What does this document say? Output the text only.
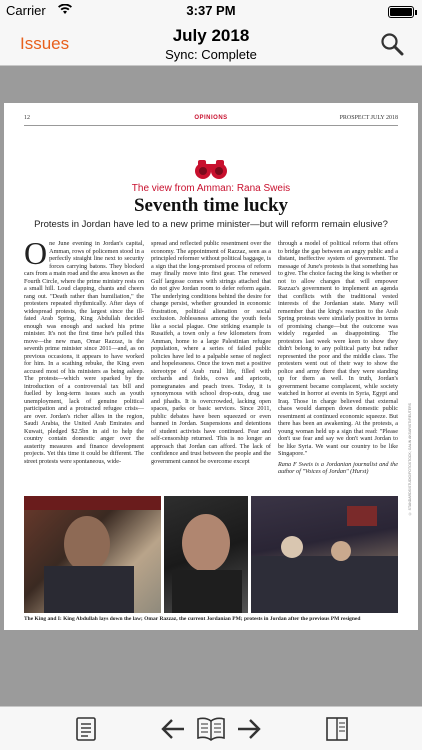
Carrier	3:37 PM
Issues	July 2018
Sync: Complete
12	OPINIONS	PROSPECT JULY 2018
The view from Amman: Rana Sweis
Seventh time lucky
Protests in Jordan have led to a new prime minister—but will reform remain elusive?
One June evening in Jordan's capital, Amman, rows of policemen stood in a perfectly straight line next to security forces carrying batons. They blocked cars from a main road and the area known as the Fourth Circle, where the prime ministry rests on a small hill. Loud clapping, chants and cheers rang out. "Death rather than humiliation," the protesters repeated rhythmically. After days of widespread protests, the largest since the ill-fated Arab Spring, King Abdullah decided enough was enough and sacked his prime minister. It's not the first time he's pulled this move—the new man, Omar Razzaz, is the seventh prime minister since 2011—and, as on previous occasions, it appears to have worked for him. In a scathing rebuke, the King even accused most of his ministers as being asleep. The protests—which were sparked by the introduction of a controversial tax bill and fuelled by long-term issues such as youth unemployment, lack of genuine political participation and a protracted refugee crisis—are over. Jordan's richer allies in the region, Saudi Arabia, the United Arab Emirates and Kuwait, pledged $2.5bn in aid to help the country contain domestic anger over the austerity measures and finance development projects. Yet this time it could be different. The street protests were spontaneous, wide-
spread and reflected public resentment over the economy. The appointment of Razzaz, seen as a principled reformer without political baggage, is a sign that the long-promised process of reform may finally move into first gear. The renewed Gulf largesse comes with strings attached that do not give Jordan room to defer reform again. The underlying conditions behind the desire for change persist, whether grounded in economic frustration, political alienation or social exclusion. Joblessness among the youth feels like a social plague. One striking example is Rusaifeh, a town only a few kilometers from Amman, home to a large Palestinian refugee population, where a series of failed public policies have led to a palpable sense of neglect and hopelessness. Once the town met a positive stereotype of Arab rural life, filled with orchards and fields, cows and apricots, pomegranates and peach trees. Today, it is synonymous with school drop-outs, drug use and jihadis. It is overcrowded, lacking open spaces, parks or basic services. Since 2011, public debates have been squeezed or even banned in Jordan. Suspensions and detentions of student activists have continued. Fear and self-censorship returned. This is no longer an approach that Jordan can afford. The lack of confidence and trust between the people and the government cannot be overcome except
through a model of political reform that offers to bridge the gap between an angry public and a distant, ineffective system of government. The message of June's protests is that something has to give. The choice facing the king is whether or not to allow changes that will empower Razzaz's government to implement an agenda that conflicts with the traditional vested interests of the Jordanian state. Many will remember that the king's reaction to the Arab Spring protests were similarly positive in terms of promising change—but the outcome was widely regarded as disappointing. The protestors last week were keen to show they didn't belong to any political party but rather represented the poor and the middle class. The protesters went out of their way to show the police and army there that they were standing up for them as well. In truth, Jordan's government became complacent, while society watched in horror at events in Syria, Egypt and Iraq. Those in charge believed that external chaos would dampen down domestic public resentment at continued economic squeeze. But there has been an awakening. At the protests, a young woman held up a sign that read: "Please don't use fear and say we don't want Jordan to be like Syria. We want our country to be like Singapore."
Rana F Sweis is a Jordanian journalist and the author of "Voices of Jordan" (Hurst)	© STANDARDS/STUDIO/FOTOSTOCK; GALIN AKSARISTI/REUTERS
The King and I: King Abdullah lays down the law; Omar Razzaz, the current Jordanian PM; protests in Jordan after the previous PM resigned
